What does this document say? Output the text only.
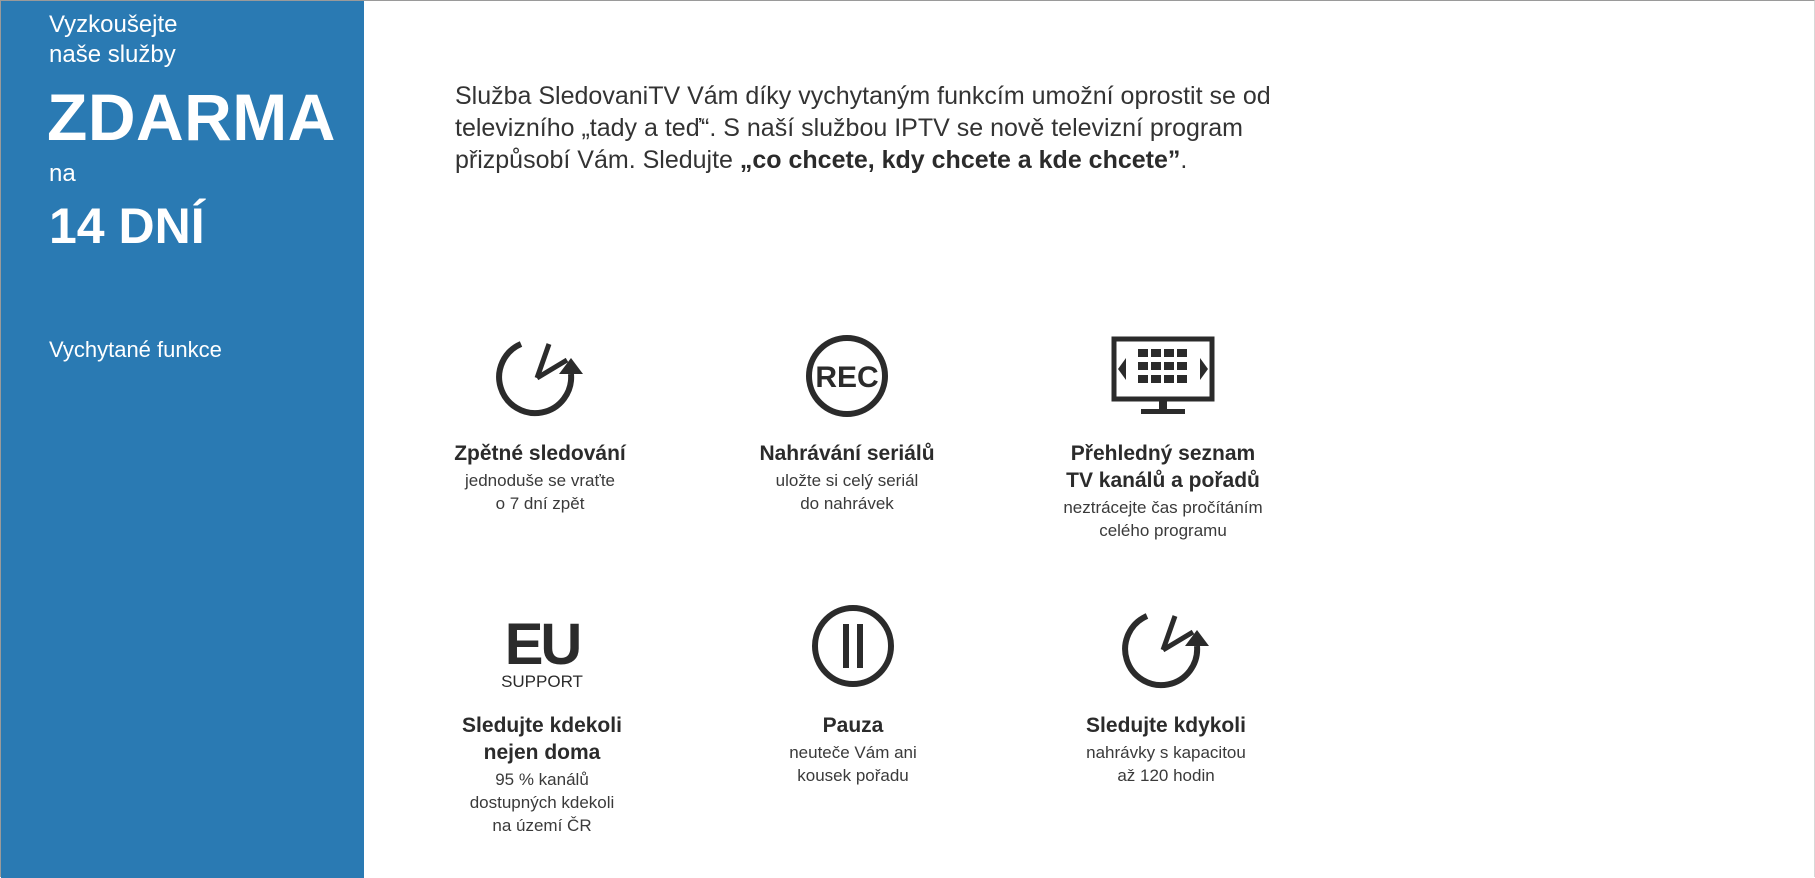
Vyzkoušejte
naše služby
ZDARMA
na
14 DNÍ
Vychytané funkce
Služba SledovaniTV Vám díky vychytaným funkcím umožní oprostit se od televizního „tady a teď“. S naší službou IPTV se nově televizní program přizpůsobí Vám. Sledujte „co chcete, kdy chcete a kde chcete”.
Zpětné sledování
jednoduše se vraťte
o 7 dní zpět
REC
Nahrávání seriálů
uložte si celý seriál
do nahrávek
Přehledný seznam
TV kanálů a pořadů
neztrácejte čas pročítáním
celého programu
EU
SUPPORT
Sledujte kdekoli
nejen doma
95 % kanálů
dostupných kdekoli
na území ČR
Pauza
neuteče Vám ani
kousek pořadu
Sledujte kdykoli
nahrávky s kapacitou
až 120 hodin
